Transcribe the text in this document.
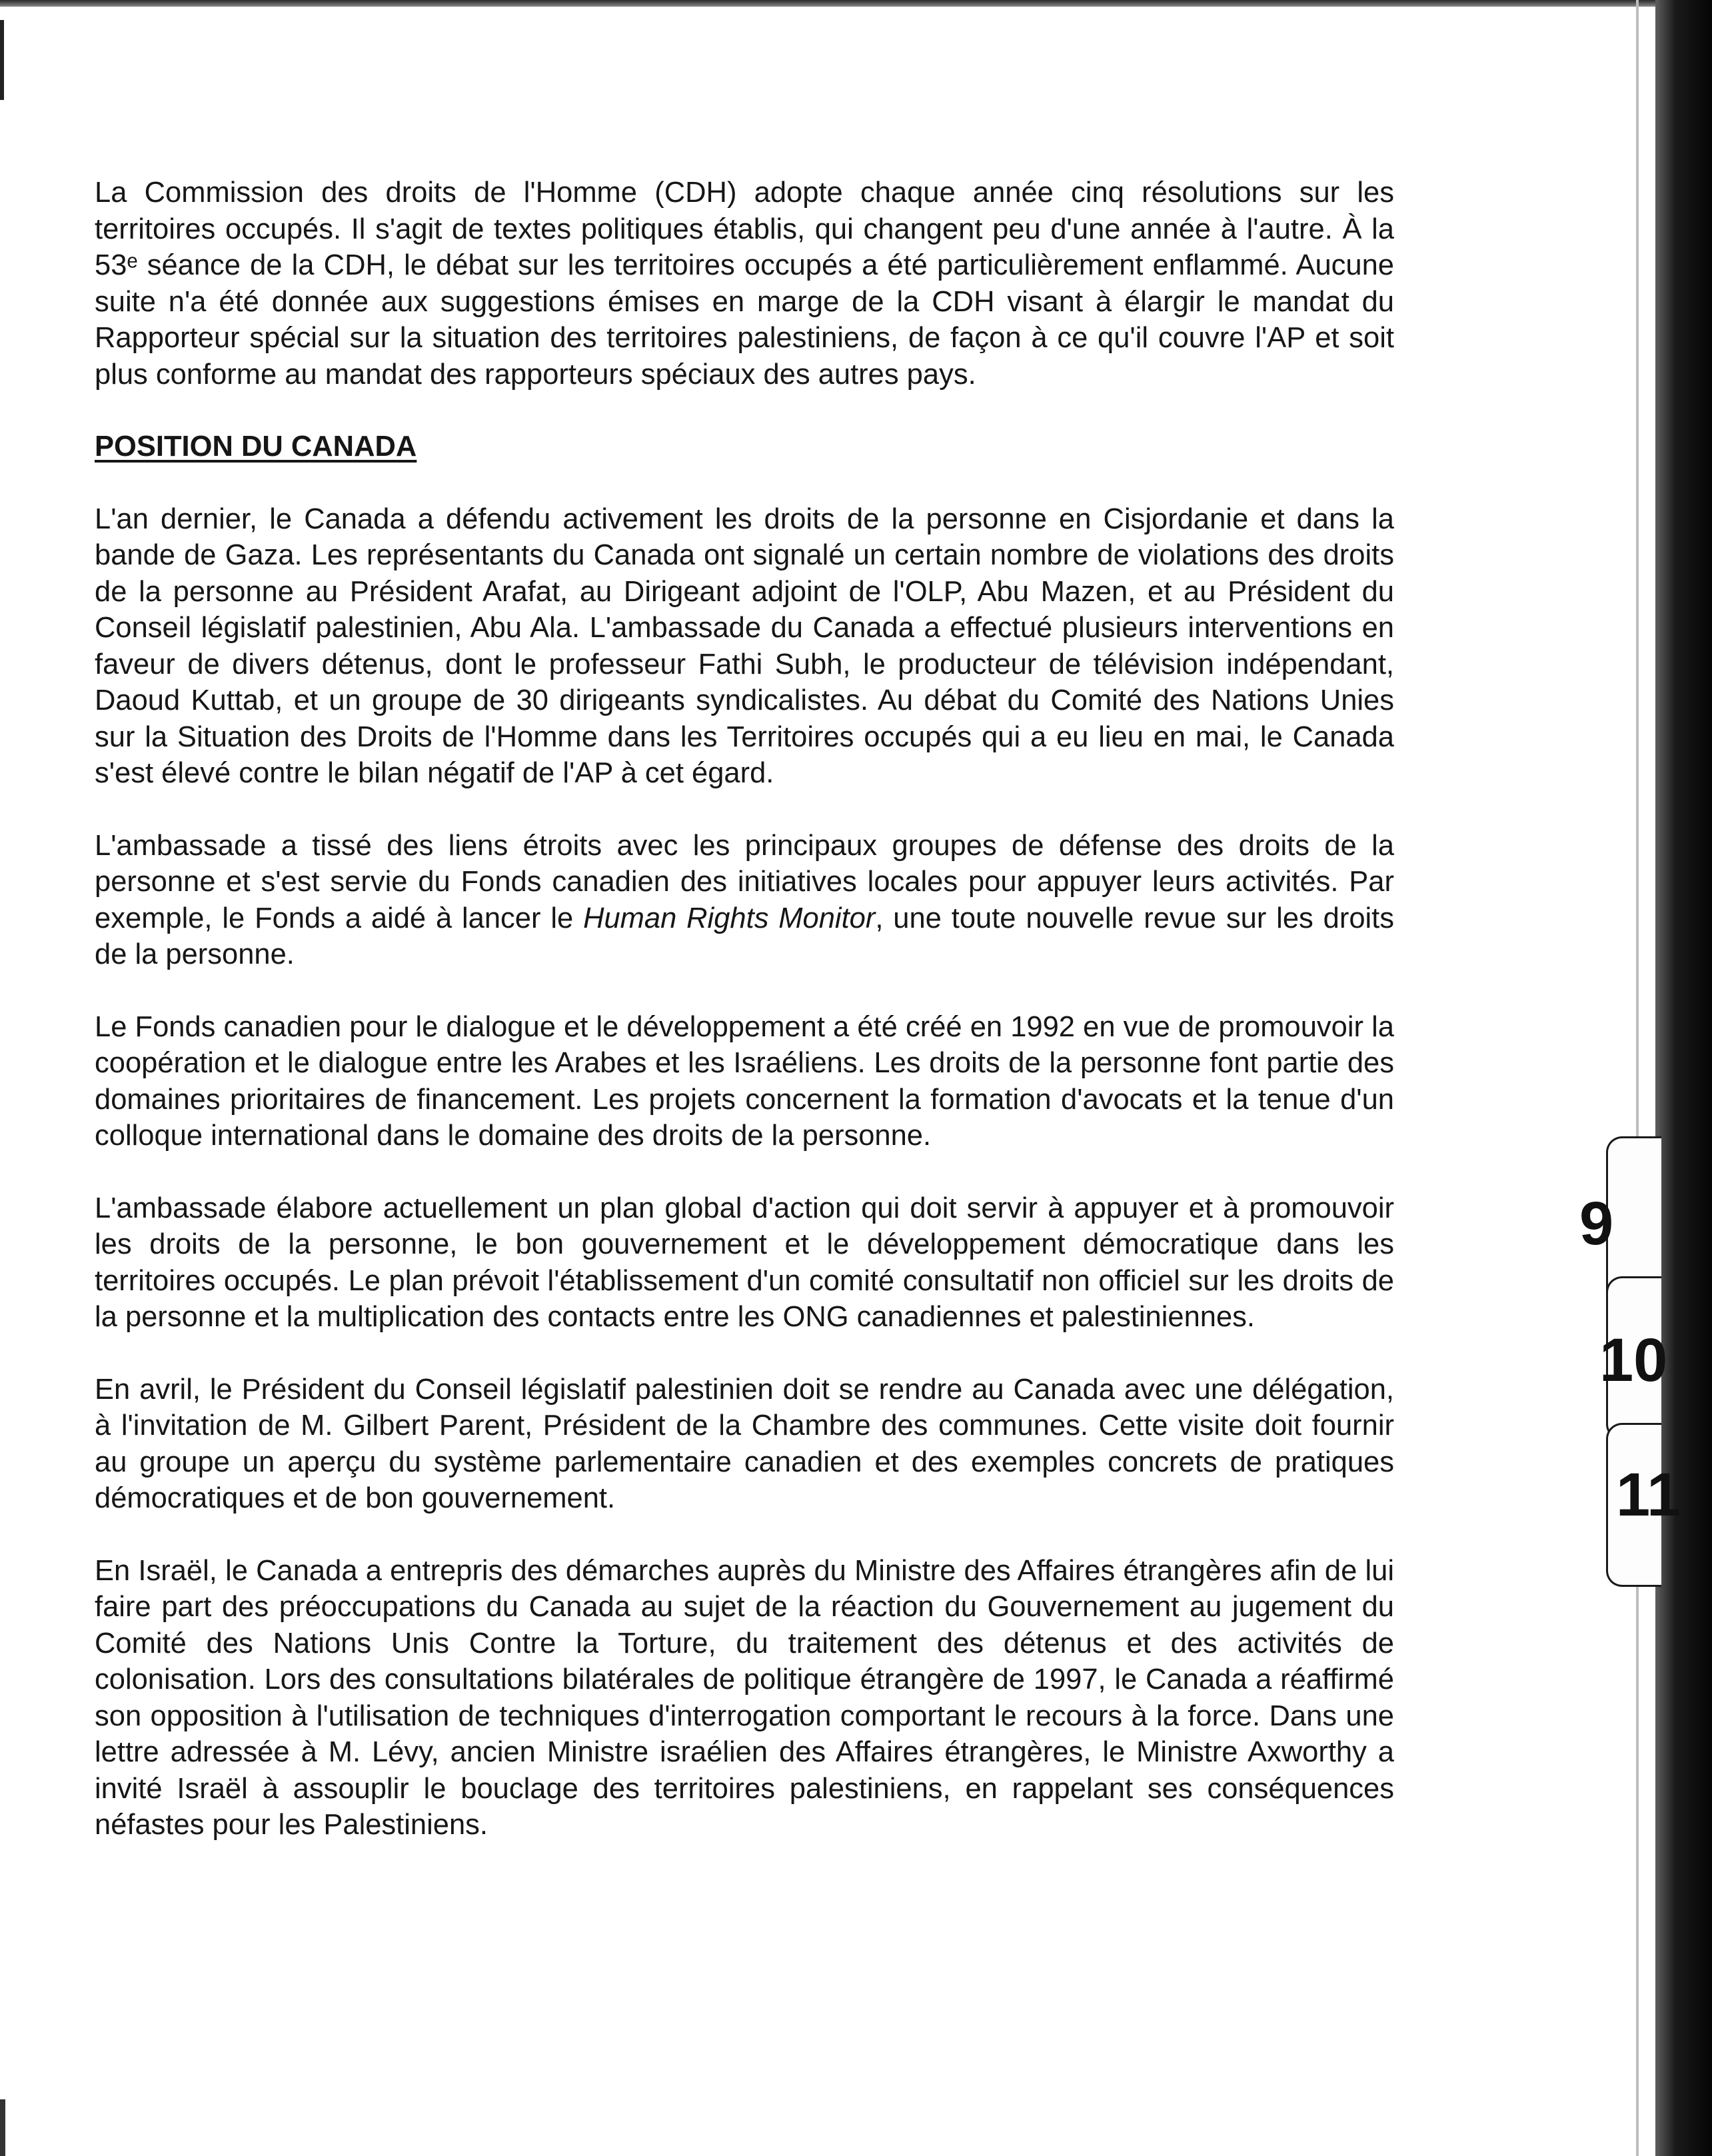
9
10
11

La Commission des droits de l'Homme (CDH) adopte chaque année cinq résolutions sur les territoires occupés. Il s'agit de textes politiques établis, qui changent peu d'une année à l'autre. À la 53ᵉ séance de la CDH, le débat sur les territoires occupés a été particulièrement enflammé. Aucune suite n'a été donnée aux suggestions émises en marge de la CDH visant à élargir le mandat du Rapporteur spécial sur la situation des territoires palestiniens, de façon à ce qu'il couvre l'AP et soit plus conforme au mandat des rapporteurs spéciaux des autres pays.

POSITION DU CANADA

L'an dernier, le Canada a défendu activement les droits de la personne en Cisjordanie et dans la bande de Gaza. Les représentants du Canada ont signalé un certain nombre de violations des droits de la personne au Président Arafat, au Dirigeant adjoint de l'OLP, Abu Mazen, et au Président du Conseil législatif palestinien, Abu Ala. L'ambassade du Canada a effectué plusieurs interventions en faveur de divers détenus, dont le professeur Fathi Subh, le producteur de télévision indépendant, Daoud Kuttab, et un groupe de 30 dirigeants syndicalistes. Au débat du Comité des Nations Unies sur la Situation des Droits de l'Homme dans les Territoires occupés qui a eu lieu en mai, le Canada s'est élevé contre le bilan négatif de l'AP à cet égard.

L'ambassade a tissé des liens étroits avec les principaux groupes de défense des droits de la personne et s'est servie du Fonds canadien des initiatives locales pour appuyer leurs activités. Par exemple, le Fonds a aidé à lancer le Human Rights Monitor, une toute nouvelle revue sur les droits de la personne.

Le Fonds canadien pour le dialogue et le développement a été créé en 1992 en vue de promouvoir la coopération et le dialogue entre les Arabes et les Israéliens. Les droits de la personne font partie des domaines prioritaires de financement. Les projets concernent la formation d'avocats et la tenue d'un colloque international dans le domaine des droits de la personne.

L'ambassade élabore actuellement un plan global d'action qui doit servir à appuyer et à promouvoir les droits de la personne, le bon gouvernement et le développement démocratique dans les territoires occupés. Le plan prévoit l'établissement d'un comité consultatif non officiel sur les droits de la personne et la multiplication des contacts entre les ONG canadiennes et palestiniennes.

En avril, le Président du Conseil législatif palestinien doit se rendre au Canada avec une délégation, à l'invitation de M. Gilbert Parent, Président de la Chambre des communes. Cette visite doit fournir au groupe un aperçu du système parlementaire canadien et des exemples concrets de pratiques démocratiques et de bon gouvernement.

En Israël, le Canada a entrepris des démarches auprès du Ministre des Affaires étrangères afin de lui faire part des préoccupations du Canada au sujet de la réaction du Gouvernement au jugement du Comité des Nations Unis Contre la Torture, du traitement des détenus et des activités de colonisation. Lors des consultations bilatérales de politique étrangère de 1997, le Canada a réaffirmé son opposition à l'utilisation de techniques d'interrogation comportant le recours à la force. Dans une lettre adressée à M. Lévy, ancien Ministre israélien des Affaires étrangères, le Ministre Axworthy a invité Israël à assouplir le bouclage des territoires palestiniens, en rappelant ses conséquences néfastes pour les Palestiniens.
